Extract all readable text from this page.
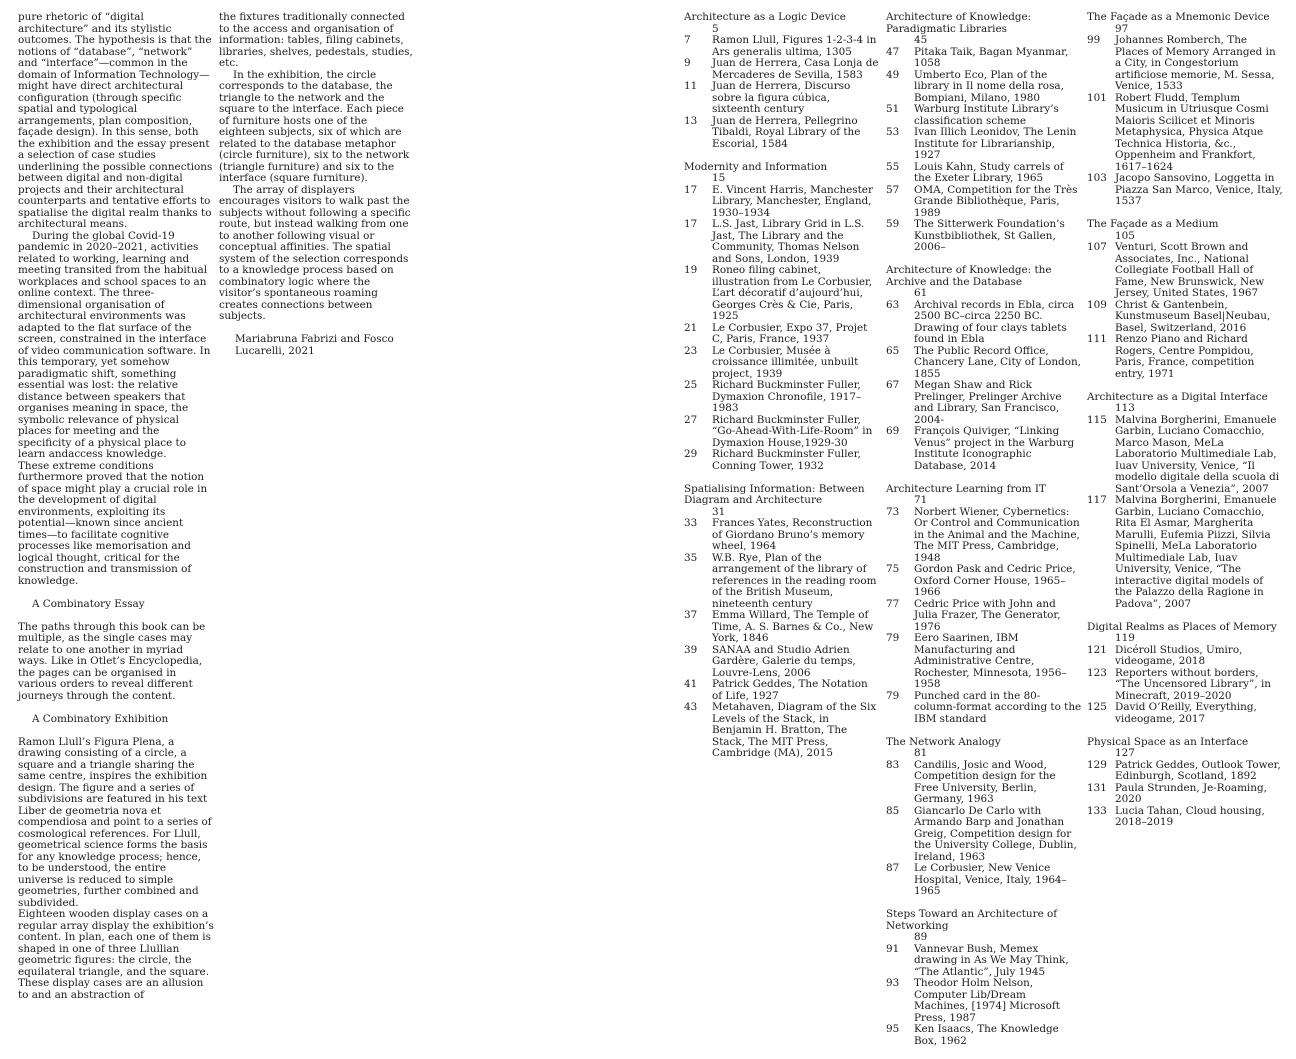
pure rhetoric of “digital architecture” and its stylistic outcomes. The hypothesis is that the notions of “database”, “network” and “interface”—common in the domain of Information Technology—might have direct architectural configuration (through specific spatial and typological arrangements, plan composition, façade design). In this sense, both the exhibition and the essay present a selection of case studies underlining the possible connections between digital and non-digital projects and their architectural counterparts and tentative efforts to spatialise the digital realm thanks to architectural means.

During the global Covid-19 pandemic in 2020–2021, activities related to working, learning and meeting transited from the habitual workplaces and school spaces to an online context. The three-dimensional organisation of architectural environments was adapted to the flat surface of the screen, constrained in the interface of video communication software. In this temporary, yet somehow paradigmatic shift, something essential was lost: the relative distance between speakers that organises meaning in space, the symbolic relevance of physical places for meeting and the specificity of a physical place to learn andaccess knowledge.

These extreme conditions furthermore proved that the notion of space might play a crucial role in the development of digital environments, exploiting its potential—known since ancient times—to facilitate cognitive processes like memorisation and logical thought, critical for the construction and transmission of knowledge.

A Combinatory Essay

The paths through this book can be multiple, as the single cases may relate to one another in myriad ways. Like in Otlet’s Encyclopedia, the pages can be organised in various orders to reveal different journeys through the content.

A Combinatory Exhibition

Ramon Llull’s Figura Plena, a drawing consisting of a circle, a square and a triangle sharing the same centre, inspires the exhibition design. The figure and a series of subdivisions are featured in his text Liber de geometria nova et compendiosa and point to a series of cosmological references. For Llull, geometrical science forms the basis for any knowledge process; hence, to be understood, the entire universe is reduced to simple geometries, further combined and subdivided.

Eighteen wooden display cases on a regular array display the exhibition’s content. In plan, each one of them is shaped in one of three Llullian geometric figures: the circle, the equilateral triangle, and the square. These display cases are an allusion to and an abstraction of

the fixtures traditionally connected to the access and organisation of information: tables, filing cabinets, libraries, shelves, pedestals, studies, etc.

In the exhibition, the circle corresponds to the database, the triangle to the network and the square to the interface. Each piece of furniture hosts one of the eighteen subjects, six of which are related to the database metaphor (circle furniture), six to the network (triangle furniture) and six to the interface (square furniture).

The array of displayers encourages visitors to walk past the subjects without following a specific route, but instead walking from one to another following visual or conceptual affinities. The spatial system of the selection corresponds to a knowledge process based on combinatory logic where the visitor’s spontaneous roaming creates connections between subjects.

Mariabruna Fabrizi and Fosco Lucarelli, 2021

Architecture as a Logic Device
5
7	Ramon Llull, Figures 1-2-3-4 in Ars generalis ultima, 1305
9	Juan de Herrera, Casa Lonja de Mercaderes de Sevilla, 1583
11	Juan de Herrera, Discurso sobre la figura cúbica, sixteenth century
13	Juan de Herrera, Pellegrino Tibaldi, Royal Library of the Escorial, 1584
Modernity and Information
15
17	E. Vincent Harris, Manchester Library, Manchester, England, 1930–1934
17	L.S. Jast, Library Grid in L.S. Jast, The Library and the Community, Thomas Nelson and Sons, London, 1939
19	Roneo filing cabinet, illustration from Le Corbusier, L’art décoratif d’aujourd’hui, Georges Crès & Cie, Paris, 1925
21	Le Corbusier, Expo 37, Projet C, Paris, France, 1937
23	Le Corbusier, Musée à croissance illimitée, unbuilt project, 1939
25	Richard Buckminster Fuller, Dymaxion Chronofile, 1917–1983
27	Richard Buckminster Fuller, “Go-Ahead-With-Life-Room” in Dymaxion House,1929-30
29	Richard Buckminster Fuller, Conning Tower, 1932
Spatialising Information: Between Diagram and Architecture
31
33	Frances Yates, Reconstruction of Giordano Bruno’s memory wheel, 1964
35	W.B. Rye, Plan of the arrangement of the library of references in the reading room of the British Museum, nineteenth century
37	Emma Willard, The Temple of Time, A. S. Barnes & Co., New York, 1846
39	SANAA and Studio Adrien Gardère, Galerie du temps, Louvre-Lens, 2006
41	Patrick Geddes, The Notation of Life, 1927
43	Metahaven, Diagram of the Six Levels of the Stack, in Benjamin H. Bratton, The Stack, The MIT Press, Cambridge (MA), 2015
Architecture of Knowledge: Paradigmatic Libraries
45
47	Pitaka Taik, Bagan Myanmar, 1058
49	Umberto Eco, Plan of the library in Il nome della rosa, Bompiani, Milano, 1980
51	Warburg Institute Library’s classification scheme
53	Ivan Illich Leonidov, The Lenin Institute for Librarianship, 1927
55	Louis Kahn, Study carrels of the Exeter Library, 1965
57	OMA, Competition for the Très Grande Bibliothèque, Paris, 1989
59	The Sitterwerk Foundation’s Kunstbibliothek, St Gallen, 2006–
Architecture of Knowledge: the Archive and the Database
61
63	Archival records in Ebla, circa 2500 BC–circa 2250 BC. Drawing of four clays tablets found in Ebla
65	The Public Record Office, Chancery Lane, City of London, 1855
67	Megan Shaw and Rick Prelinger, Prelinger Archive and Library, San Francisco, 2004-
69	François Quiviger, “Linking Venus” project in the Warburg Institute Iconographic Database, 2014
Architecture Learning from IT
71
73	Norbert Wiener, Cybernetics: Or Control and Communication in the Animal and the Machine, The MIT Press, Cambridge, 1948
75	Gordon Pask and Cedric Price, Oxford Corner House, 1965–1966
77	Cedric Price with John and Julia Frazer, The Generator, 1976
79	Eero Saarinen, IBM Manufacturing and Administrative Centre, Rochester, Minnesota, 1956–1958
79	Punched card in the 80-column-format according to the IBM standard
The Network Analogy
81
83	Candilis, Josic and Wood, Competition design for the Free University, Berlin, Germany, 1963
85	Giancarlo De Carlo with Armando Barp and Jonathan Greig, Competition design for the University College, Dublin, Ireland, 1963
87	Le Corbusier, New Venice Hospital, Venice, Italy, 1964–1965
Steps Toward an Architecture of Networking
89
91	Vannevar Bush, Memex drawing in As We May Think, “The Atlantic”, July 1945
93	Theodor Holm Nelson, Computer Lib/Dream Machines, [1974] Microsoft Press, 1987
95	Ken Isaacs, The Knowledge Box, 1962
The Façade as a Mnemonic Device
97
99	Johannes Romberch, The Places of Memory Arranged in a City, in Congestorium artificiose memorie, M. Sessa, Venice, 1533
101 Robert Fludd, Templum Musicum in Utriusque Cosmi Maioris Scilicet et Minoris Metaphysica, Physica Atque Technica Historia, &c., Oppenheim and Frankfort, 1617–1624
103 Jacopo Sansovino, Loggetta in Piazza San Marco, Venice, Italy, 1537
The Façade as a Medium
105
107 Venturi, Scott Brown and Associates, Inc., National Collegiate Football Hall of Fame, New Brunswick, New Jersey, United States, 1967
109 Christ & Gantenbein, Kunstmuseum Basel|Neubau, Basel, Switzerland, 2016
111 Renzo Piano and Richard Rogers, Centre Pompidou, Paris, France, competition entry, 1971
Architecture as a Digital Interface
113
115 Malvina Borgherini, Emanuele Garbin, Luciano Comacchio, Marco Mason, MeLa Laboratorio Multimediale Lab, Iuav University, Venice, “Il modello digitale della scuola di Sant’Orsola a Venezia”, 2007
117 Malvina Borgherini, Emanuele Garbin, Luciano Comacchio, Rita El Asmar, Margherita Marulli, Eufemia Piizzi, Silvia Spinelli, MeLa Laboratorio Multimediale Lab, Iuav University, Venice, “The interactive digital models of the Palazzo della Ragione in Padova”, 2007
Digital Realms as Places of Memory
119
121 Dicéroll Studios, Umiro, videogame, 2018
123 Reporters without borders, “The Uncensored Library”, in Minecraft, 2019–2020
125 David O’Reilly, Everything, videogame, 2017
Physical Space as an Interface
127
129 Patrick Geddes, Outlook Tower, Edinburgh, Scotland, 1892
131 Paula Strunden, Je-Roaming, 2020
133 Lucia Tahan, Cloud housing, 2018–2019
